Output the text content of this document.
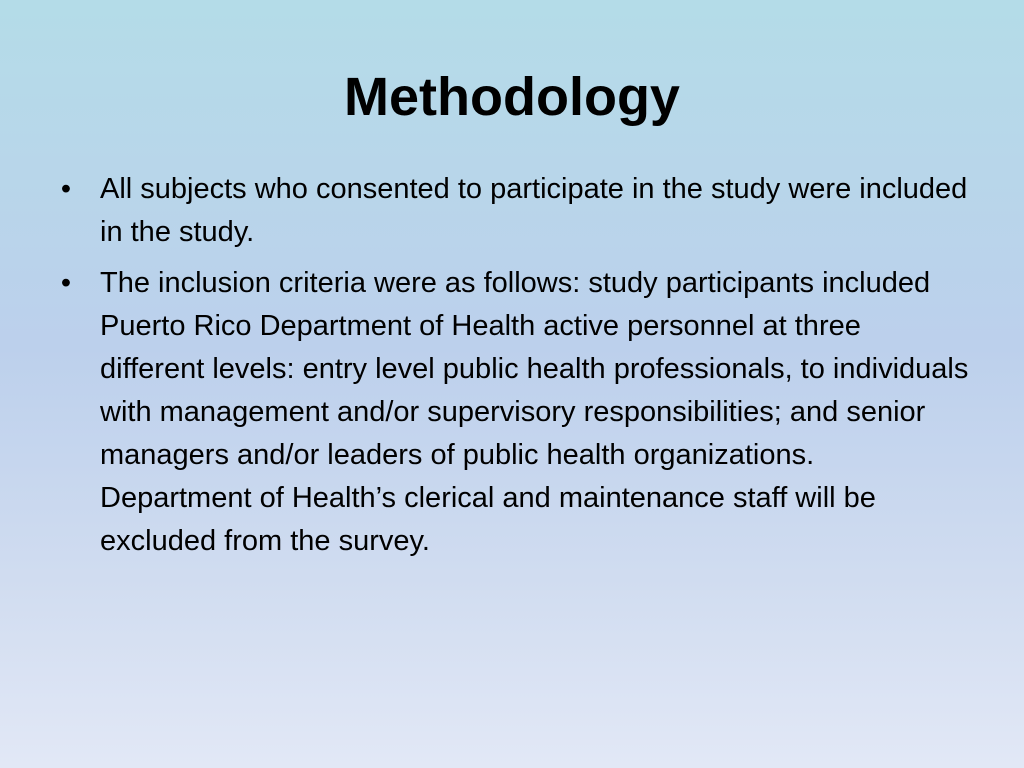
Methodology
• All subjects who consented to participate in the study were included in the study.
• The inclusion criteria were as follows: study participants included Puerto Rico Department of Health active personnel at three different levels: entry level public health professionals, to individuals with management and/or supervisory responsibilities; and senior managers and/or leaders of public health organizations. Department of Health’s clerical and maintenance staff will be excluded from the survey.
